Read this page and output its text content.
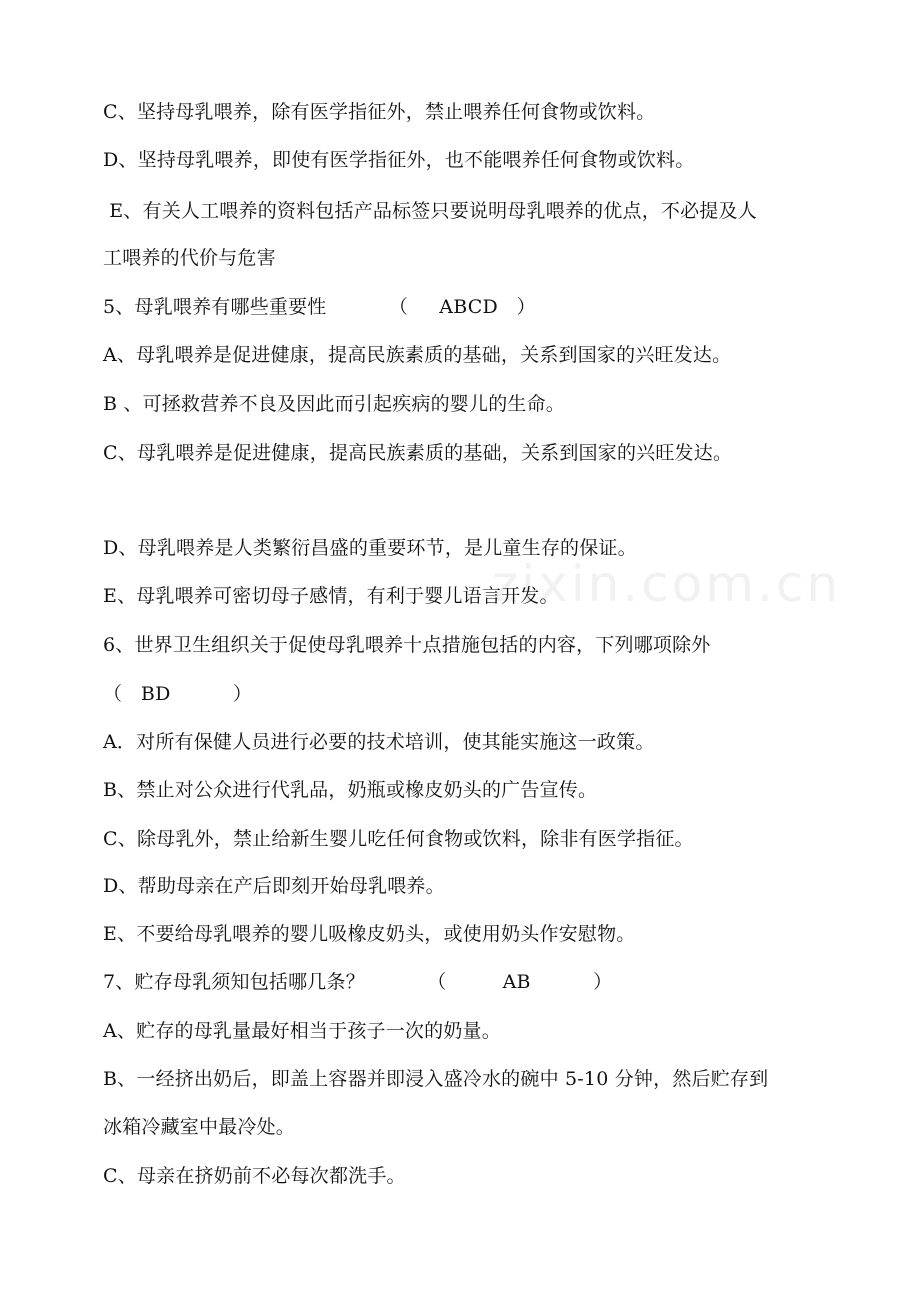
zixin.com.cn
C、坚持母乳喂养，除有医学指征外，禁止喂养任何食物或饮料。
D、坚持母乳喂养，即使有医学指征外，也不能喂养任何食物或饮料。
E、有关人工喂养的资料包括产品标签只要说明母乳喂养的优点，不必提及人
工喂养的代价与危害
5、母乳喂养有哪些重要性          （     ABCD   ）
A、母乳喂养是促进健康，提高民族素质的基础，关系到国家的兴旺发达。
B 、可拯救营养不良及因此而引起疾病的婴儿的生命。
C、母乳喂养是促进健康，提高民族素质的基础，关系到国家的兴旺发达。
D、母乳喂养是人类繁衍昌盛的重要环节，是儿童生存的保证。
E、母乳喂养可密切母子感情，有利于婴儿语言开发。
6、世界卫生组织关于促使母乳喂养十点措施包括的内容，下列哪项除外
（   BD          ）
A．对所有保健人员进行必要的技术培训，使其能实施这一政策。
B、禁止对公众进行代乳品，奶瓶或橡皮奶头的广告宣传。
C、除母乳外，禁止给新生婴儿吃任何食物或饮料，除非有医学指征。
D、帮助母亲在产后即刻开始母乳喂养。
E、不要给母乳喂养的婴儿吸橡皮奶头，或使用奶头作安慰物。
7、贮存母乳须知包括哪几条？          （         AB          ）
A、贮存的母乳量最好相当于孩子一次的奶量。
B、一经挤出奶后，即盖上容器并即浸入盛冷水的碗中 5-10 分钟，然后贮存到
冰箱冷藏室中最冷处。
C、母亲在挤奶前不必每次都洗手。
